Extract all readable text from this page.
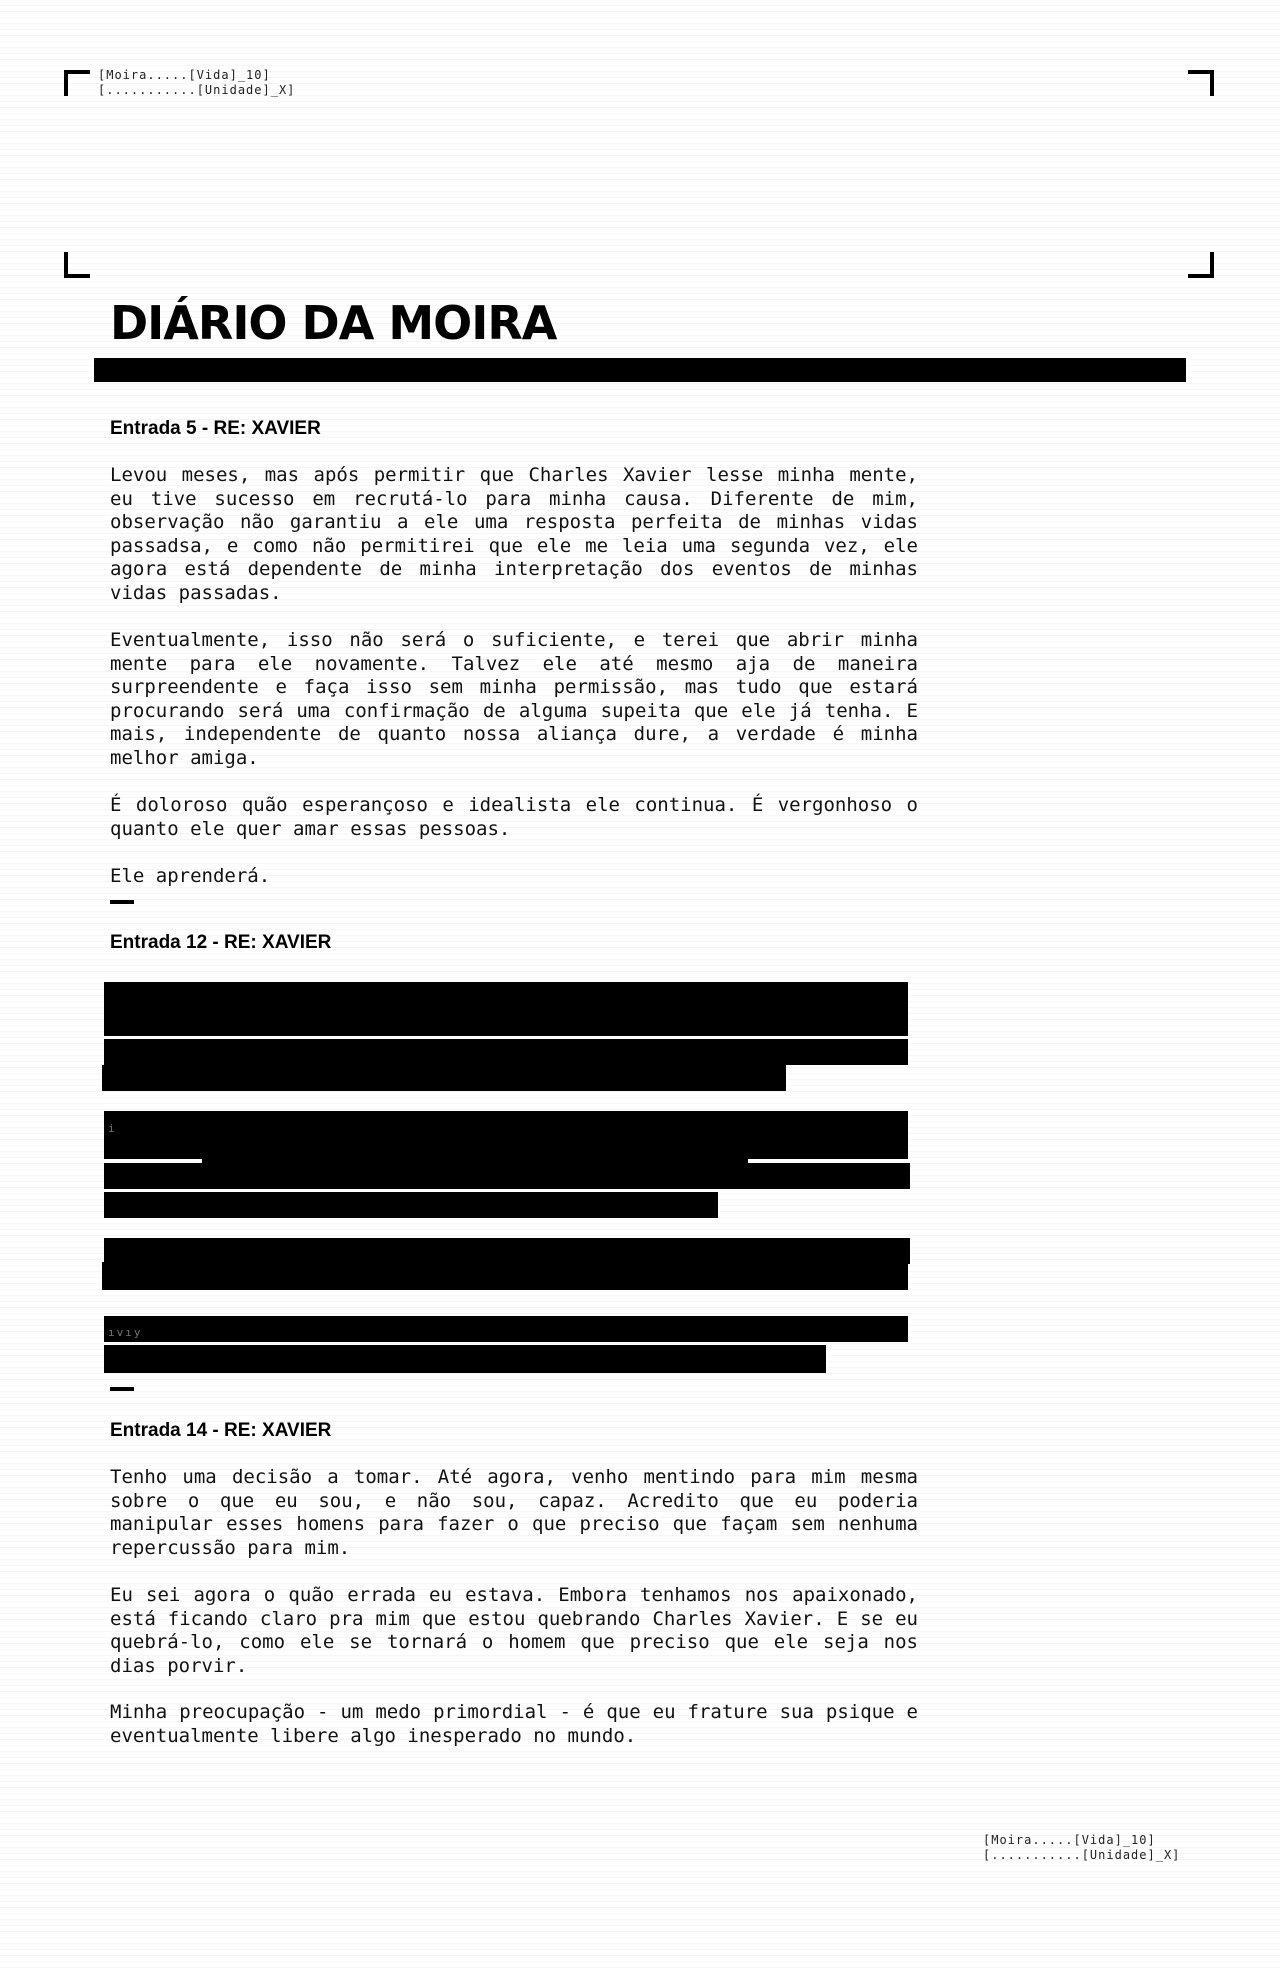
[Moira.....[Vida]_10]
[...........[Unidade]_X]
DIÁRIO DA MOIRA
Entrada 5 - RE: XAVIER

Levou meses, mas após permitir que Charles Xavier lesse minha mente, eu tive sucesso em recrutá-lo para minha causa. Diferente de mim, observação não garantiu a ele uma resposta perfeita de minhas vidas passadsa, e como não permitirei que ele me leia uma segunda vez, ele agora está dependente de minha interpretação dos eventos de minhas vidas passadas.

Eventualmente, isso não será o suficiente, e terei que abrir minha mente para ele novamente. Talvez ele até mesmo aja de maneira surpreendente e faça isso sem minha permissão, mas tudo que estará procurando será uma confirmação de alguma supeita que ele já tenha. E mais, independente de quanto nossa aliança dure, a verdade é minha melhor amiga.

É doloroso quão esperançoso e idealista ele continua. É vergonhoso o quanto ele quer amar essas pessoas.

Ele aprenderá.

Entrada 12 - RE: XAVIER
i
ıvıy
Entrada 14 - RE: XAVIER

Tenho uma decisão a tomar. Até agora, venho mentindo para mim mesma sobre o que eu sou, e não sou, capaz. Acredito que eu poderia manipular esses homens para fazer o que preciso que façam sem nenhuma repercussão para mim.

Eu sei agora o quão errada eu estava. Embora tenhamos nos apaixonado, está ficando claro pra mim que estou quebrando Charles Xavier. E se eu quebrá-lo, como ele se tornará o homem que preciso que ele seja nos dias porvir.

Minha preocupação - um medo primordial - é que eu frature sua psique e eventualmente libere algo inesperado no mundo.

[Moira.....[Vida]_10]
[...........[Unidade]_X]
